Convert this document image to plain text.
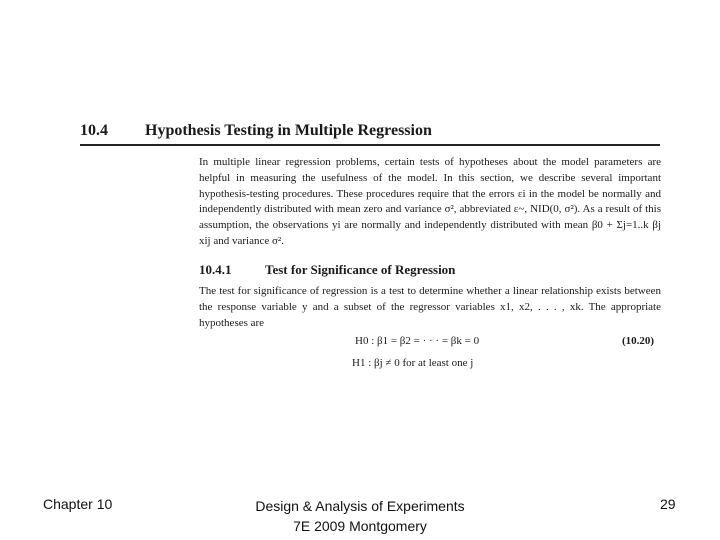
10.4 Hypothesis Testing in Multiple Regression
In multiple linear regression problems, certain tests of hypotheses about the model parameters are helpful in measuring the usefulness of the model. In this section, we describe several important hypothesis-testing procedures. These procedures require that the errors εi in the model be normally and independently distributed with mean zero and variance σ², abbreviated ε~, NID(0, σ²). As a result of this assumption, the observations yi are normally and independently distributed with mean β0 + Σj=1..k βj xij and variance σ².
10.4.1	Test for Significance of Regression
The test for significance of regression is a test to determine whether a linear relationship exists between the response variable y and a subset of the regressor variables x1, x2, . . . , xk. The appropriate hypotheses are
H0 : β1 = β2 = · · · = βk = 0	(10.20)
H1 : βj ≠ 0 for at least one j
Chapter 10	Design & Analysis of Experiments
7E 2009 Montgomery
29
